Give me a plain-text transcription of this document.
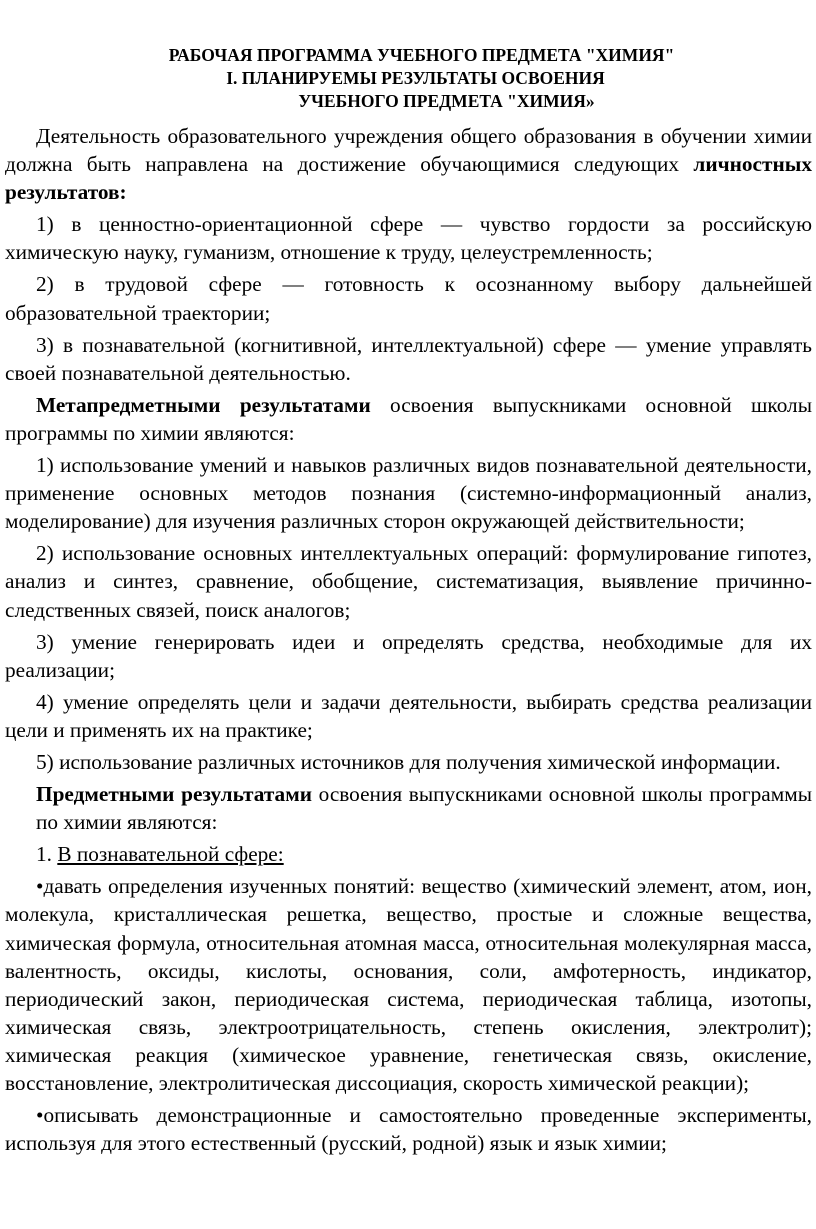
РАБОЧАЯ ПРОГРАММА УЧЕБНОГО ПРЕДМЕТА "ХИМИЯ"
I. ПЛАНИРУЕМЫ РЕЗУЛЬТАТЫ ОСВОЕНИЯ
УЧЕБНОГО ПРЕДМЕТА "ХИМИЯ»

Деятельность образовательного учреждения общего образования в обучении химии должна быть направлена на достижение обучающимися следующих личностных результатов:

1) в ценностно-ориентационной сфере — чувство гордости за российскую химическую науку, гуманизм, отношение к труду, целеустремленность;

2) в трудовой сфере — готовность к осознанному выбору дальнейшей образовательной траектории;

3) в познавательной (когнитивной, интеллектуальной) сфере — умение управлять своей познавательной деятельностью.

Метапредметными результатами освоения выпускниками основной школы программы по химии являются:

1) использование умений и навыков различных видов познавательной деятельности, применение основных методов познания (системно-информационный анализ, моделирование) для изучения различных сторон окружающей действительности;

2) использование основных интеллектуальных операций: формулирование гипотез, анализ и синтез, сравнение, обобщение, систематизация, выявление причинно-следственных связей, поиск аналогов;

3) умение генерировать идеи и определять средства, необходимые для их реализации;

4) умение определять цели и задачи деятельности, выбирать средства реализации цели и применять их на практике;

5) использование различных источников для получения химической информации.

Предметными результатами освоения выпускниками основной школы программы по химии являются:

1. В познавательной сфере:

•давать определения изученных понятий: вещество (химический элемент, атом, ион, молекула, кристаллическая решетка, вещество, простые и сложные вещества, химическая формула, относительная атомная масса, относительная молекулярная масса, валентность, оксиды, кислоты, основания, соли, амфотерность, индикатор, периодический закон, периодическая система, периодическая таблица, изотопы, химическая связь, электроотрицательность, степень окисления, электролит); химическая реакция (химическое уравнение, генетическая связь, окисление, восстановление, электролитическая диссоциация, скорость химической реакции);

•описывать демонстрационные и самостоятельно проведенные эксперименты, используя для этого естественный (русский, родной) язык и язык химии;
